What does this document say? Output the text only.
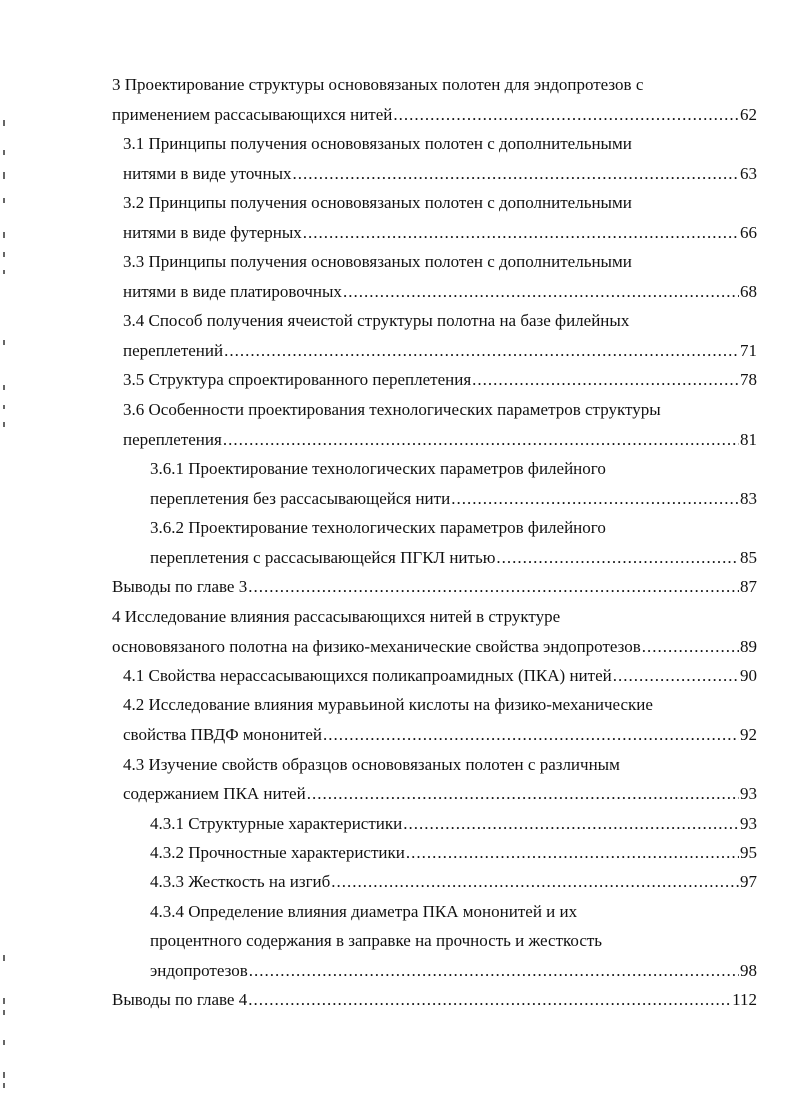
3 Проектирование структуры основовязаных полотен для эндопротезов с
применением рассасывающихся нитей .....	62
3.1 Принципы получения основовязаных полотен с дополнительными
нитями в виде уточных .....	63
3.2 Принципы получения основовязаных полотен с дополнительными
нитями в виде футерных .....	66
3.3 Принципы получения основовязаных полотен с дополнительными
нитями в виде платировочных .....	68
3.4 Способ получения ячеистой структуры полотна на базе филейных
переплетений .....	71
3.5 Структура спроектированного переплетения .....	78
3.6 Особенности проектирования технологических параметров структуры
переплетения .....	81
3.6.1 Проектирование технологических параметров филейного
переплетения без рассасывающейся нити .....	83
3.6.2 Проектирование технологических параметров филейного
переплетения с рассасывающейся ПГКЛ нитью .....	85
Выводы по главе 3 .....	87
4 Исследование влияния рассасывающихся нитей в структуре
основовязаного полотна на физико-механические свойства эндопротезов .....	89
4.1 Свойства нерассасывающихся поликапроамидных (ПКА) нитей .....	90
4.2 Исследование влияния муравьиной кислоты на физико-механические
свойства ПВДФ мононитей .....	92
4.3 Изучение свойств образцов основовязаных полотен с различным
содержанием ПКА нитей .....	93
4.3.1 Структурные характеристики .....	93
4.3.2 Прочностные характеристики .....	95
4.3.3 Жесткость на изгиб .....	97
4.3.4 Определение влияния диаметра ПКА мононитей и их
процентного содержания в заправке на прочность и жесткость
эндопротезов .....	98
Выводы по главе 4 .....	112
